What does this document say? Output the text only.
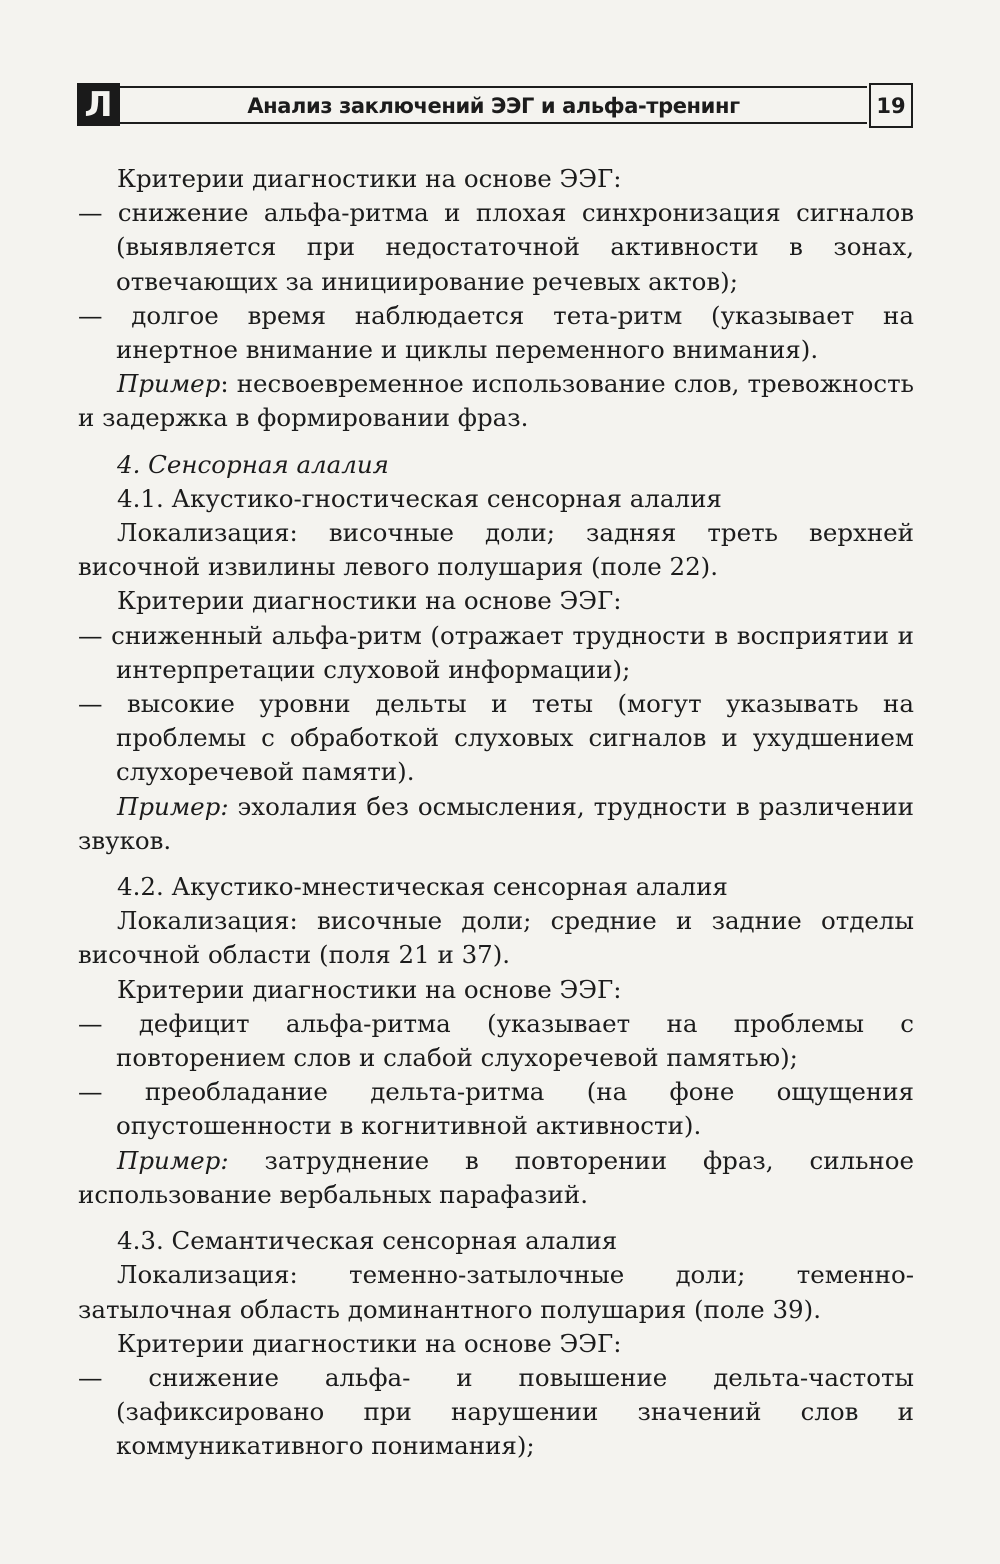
Л	Анализ заключений ЭЭГ и альфа-тренинг	19

Критерии диагностики на основе ЭЭГ:

— снижение альфа-ритма и плохая синхронизация сигналов (выявляется при недостаточной активности в зонах, отвечающих за инициирование речевых актов);

— долгое время наблюдается тета-ритм (указывает на инертное внимание и циклы переменного внимания).

Пример: несвоевременное использование слов, тревожность и задержка в формировании фраз.

4. Сенсорная алалия

4.1. Акустико-гностическая сенсорная алалия

Локализация: височные доли; задняя треть верхней височной извилины левого полушария (поле 22).

Критерии диагностики на основе ЭЭГ:

— сниженный альфа-ритм (отражает трудности в восприятии и интерпретации слуховой информации);

— высокие уровни дельты и теты (могут указывать на проблемы с обработкой слуховых сигналов и ухудшением слухоречевой памяти).

Пример: эхолалия без осмысления, трудности в различении звуков.

4.2. Акустико-мнестическая сенсорная алалия

Локализация: височные доли; средние и задние отделы височной области (поля 21 и 37).

Критерии диагностики на основе ЭЭГ:

— дефицит альфа-ритма (указывает на проблемы с повторением слов и слабой слухоречевой памятью);

— преобладание дельта-ритма (на фоне ощущения опустошенности в когнитивной активности).

Пример: затруднение в повторении фраз, сильное использование вербальных парафазий.

4.3. Семантическая сенсорная алалия

Локализация: теменно-затылочные доли; теменно-затылочная область доминантного полушария (поле 39).

Критерии диагностики на основе ЭЭГ:

— снижение альфа- и повышение дельта-частоты (зафиксировано при нарушении значений слов и коммуникативного понимания);
